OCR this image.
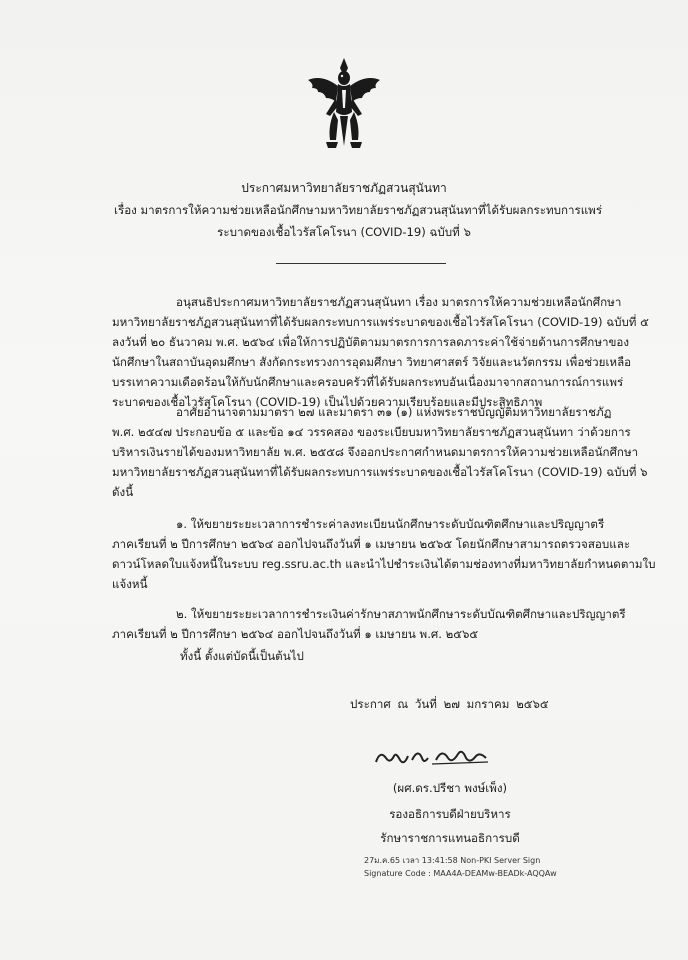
ประกาศมหาวิทยาลัยราชภัฏสวนสุนันทา
เรื่อง มาตรการให้ความช่วยเหลือนักศึกษามหาวิทยาลัยราชภัฏสวนสุนันทาที่ได้รับผลกระทบการแพร่
ระบาดของเชื้อไวรัสโคโรนา (COVID-19) ฉบับที่ ๖
อนุสนธิประกาศมหาวิทยาลัยราชภัฏสวนสุนันทา เรื่อง มาตรการให้ความช่วยเหลือนักศึกษา
มหาวิทยาลัยราชภัฏสวนสุนันทาที่ได้รับผลกระทบการแพร่ระบาดของเชื้อไวรัสโคโรนา (COVID-19) ฉบับที่ ๕
ลงวันที่ ๒๐ ธันวาคม พ.ศ. ๒๕๖๔ เพื่อให้การปฏิบัติตามมาตรการการลดภาระค่าใช้จ่ายด้านการศึกษาของ
นักศึกษาในสถาบันอุดมศึกษา สังกัดกระทรวงการอุดมศึกษา วิทยาศาสตร์ วิจัยและนวัตกรรม เพื่อช่วยเหลือ
บรรเทาความเดือดร้อนให้กับนักศึกษาและครอบครัวที่ได้รับผลกระทบอันเนื่องมาจากสถานการณ์การแพร่
ระบาดของเชื้อไวรัสโคโรนา (COVID-19) เป็นไปด้วยความเรียบร้อยและมีประสิทธิภาพ
อาศัยอำนาจตามมาตรา ๒๗ และมาตรา ๓๑ (๑) แห่งพระราชบัญญัติมหาวิทยาลัยราชภัฏ
พ.ศ. ๒๕๔๗ ประกอบข้อ ๕ และข้อ ๑๔ วรรคสอง ของระเบียบมหาวิทยาลัยราชภัฏสวนสุนันทา ว่าด้วยการ
บริหารเงินรายได้ของมหาวิทยาลัย พ.ศ. ๒๕๕๘ จึงออกประกาศกำหนดมาตรการให้ความช่วยเหลือนักศึกษา
มหาวิทยาลัยราชภัฏสวนสุนันทาที่ได้รับผลกระทบการแพร่ระบาดของเชื้อไวรัสโคโรนา (COVID-19) ฉบับที่ ๖
ดังนี้
๑. ให้ขยายระยะเวลาการชำระค่าลงทะเบียนนักศึกษาระดับบัณฑิตศึกษาและปริญญาตรี
ภาคเรียนที่ ๒ ปีการศึกษา ๒๕๖๔ ออกไปจนถึงวันที่ ๑ เมษายน ๒๕๖๕ โดยนักศึกษาสามารถตรวจสอบและ
ดาวน์โหลดใบแจ้งหนี้ในระบบ reg.ssru.ac.th และนำไปชำระเงินได้ตามช่องทางที่มหาวิทยาลัยกำหนดตามใบ
แจ้งหนี้
๒. ให้ขยายระยะเวลาการชำระเงินค่ารักษาสภาพนักศึกษาระดับบัณฑิตศึกษาและปริญญาตรี
ภาคเรียนที่ ๒ ปีการศึกษา ๒๕๖๔ ออกไปจนถึงวันที่ ๑ เมษายน พ.ศ. ๒๕๖๕
ทั้งนี้ ตั้งแต่บัดนี้เป็นต้นไป
ประกาศ ณ วันที่ ๒๗ มกราคม ๒๕๖๕
(ผศ.ดร.ปรีชา พงษ์เพ็ง)
รองอธิการบดีฝ่ายบริหาร
รักษาราชการแทนอธิการบดี
27ม.ค.65 เวลา 13:41:58 Non-PKI Server Sign
Signature Code : MAA4A-DEAMw-BEADk-AQQAw
